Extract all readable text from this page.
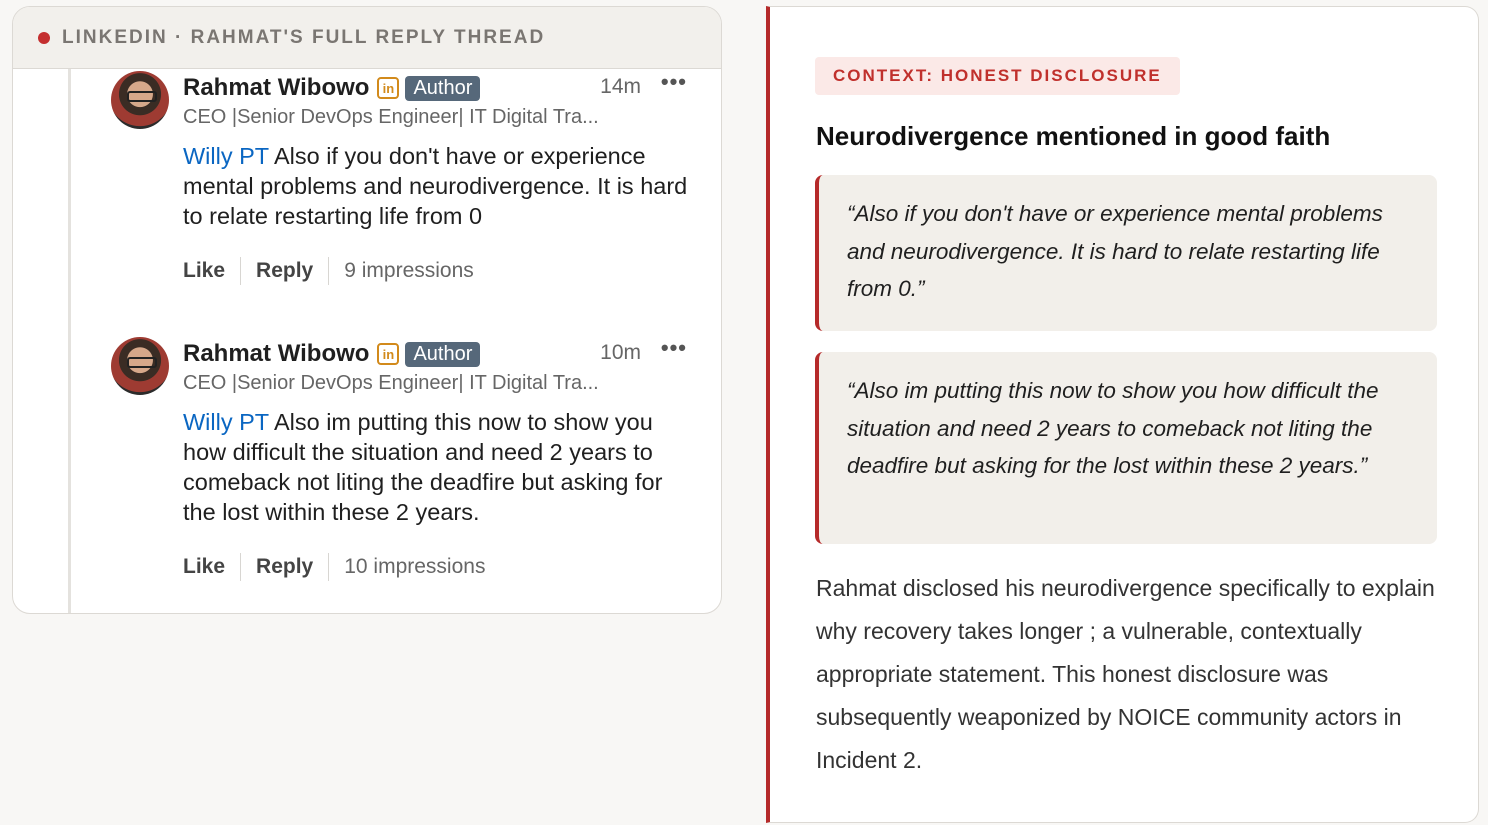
LINKEDIN · RAHMAT'S FULL REPLY THREAD
Rahmat Wibowo	in Author	14m •••
CEO |Senior DevOps Engineer| IT Digital Tra...
Willy PT Also if you don't have or experience mental problems and neurodivergence. It is hard to relate restarting life from 0
Like Reply 9 impressions
Rahmat Wibowo	in Author	10m •••
CEO |Senior DevOps Engineer| IT Digital Tra...
Willy PT Also im putting this now to show you how difficult the situation and need 2 years to comeback not liting the deadfire but asking for the lost within these 2 years.
Like Reply 10 impressions
CONTEXT: HONEST DISCLOSURE
Neurodivergence mentioned in good faith
“Also if you don't have or experience mental problems and neurodivergence. It is hard to relate restarting life from 0.”
“Also im putting this now to show you how difficult the situation and need 2 years to comeback not liting the deadfire but asking for the lost within these 2 years.”
Rahmat disclosed his neurodivergence specifically to explain why recovery takes longer ; a vulnerable, contextually appropriate statement. This honest disclosure was subsequently weaponized by NOICE community actors in Incident 2.
